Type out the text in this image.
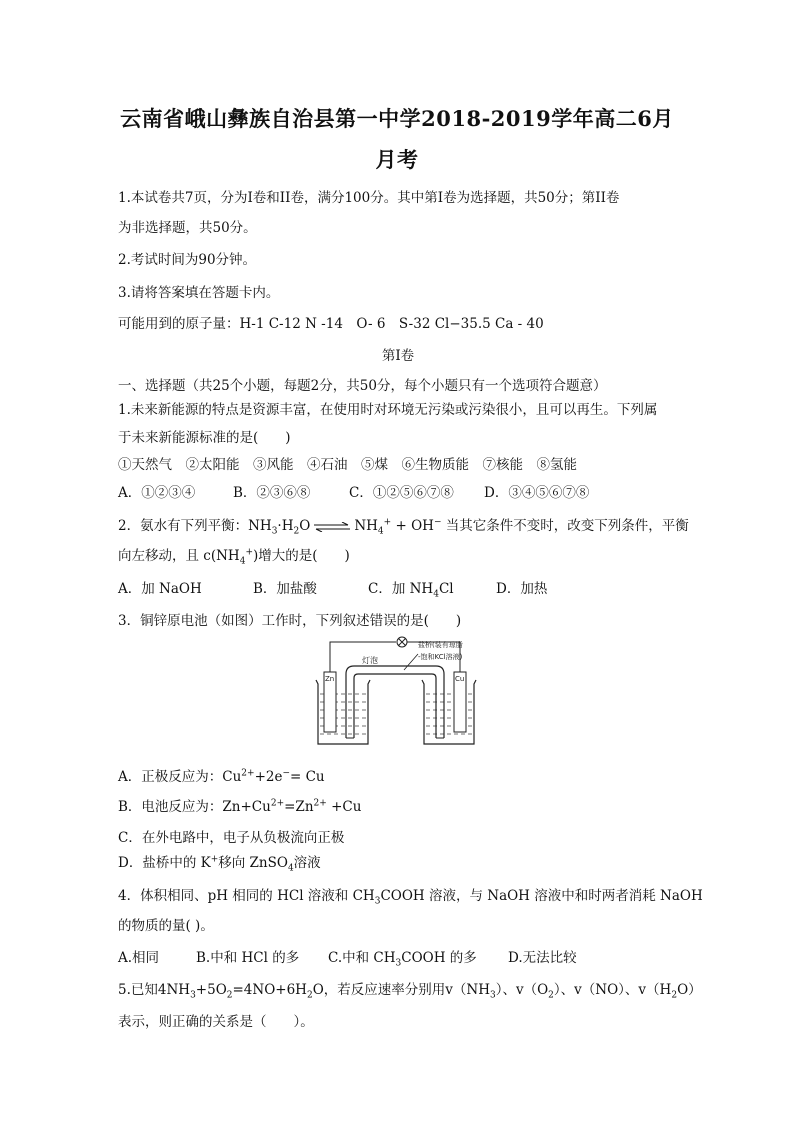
云南省峨山彝族自治县第一中学2018-2019学年高二6月
月考
1.本试卷共7页，分为I卷和II卷，满分100分。其中第I卷为选择题，共50分；第II卷
为非选择题，共50分。
2.考试时间为90分钟。
3.请将答案填在答题卡内。
可能用到的原子量：H-1 C-12 N -14　O- 6　S-32 Cl−35.5 Ca - 40
第I卷
一、选择题（共25个小题，每题2分，共50分，每个小题只有一个选项符合题意）
1.未来新能源的特点是资源丰富，在使用时对环境无污染或污染很小，且可以再生。下列属
于未来新能源标准的是(　　)
①天然气　②太阳能　③风能　④石油　⑤煤　⑥生物质能　⑦核能　⑧氢能
A．①②③④	B．②③⑥⑧	C．①②⑤⑥⑦⑧ D．③④⑤⑥⑦⑧
2．氨水有下列平衡：$NH_3\cdot H_2O$ ⇌ $NH_4^+ + OH^-$ 当其它条件不变时，改变下列条件，平衡
向左移动，且 $c(NH_4^+)$增大的是(　　)
A．加 NaOH	B．加盐酸	C．加 $NH_4Cl$	D．加热
3．铜锌原电池（如图）工作时，下列叙述错误的是(　　)
灯泡
盐桥(装有琼脂
-饱和KCl溶液)
Zn	Cu
A．正极反应为：$Cu^{2+}+2e^-= Cu$
B．电池反应为：$Zn+Cu^{2+}=Zn^{2+} +Cu$
C．在外电路中，电子从负极流向正极
D．盐桥中的 K+移向 ZnSO$_4$溶液
4．体积相同、pH 相同的 HCl 溶液和 $CH_3COOH$ 溶液，与 NaOH 溶液中和时两者消耗 NaOH
的物质的量( )。
A.相同	B.中和 HCl 的多 C.中和 $CH_3COOH$ 的多 D.无法比较
5.已知$4NH_3+5O_2=4NO+6H_2O$，若反应速率分别用$v(NH_3)$、$v(O_2)$、v（NO）、$v(H_2O)$
表示，则正确的关系是（　　）。
